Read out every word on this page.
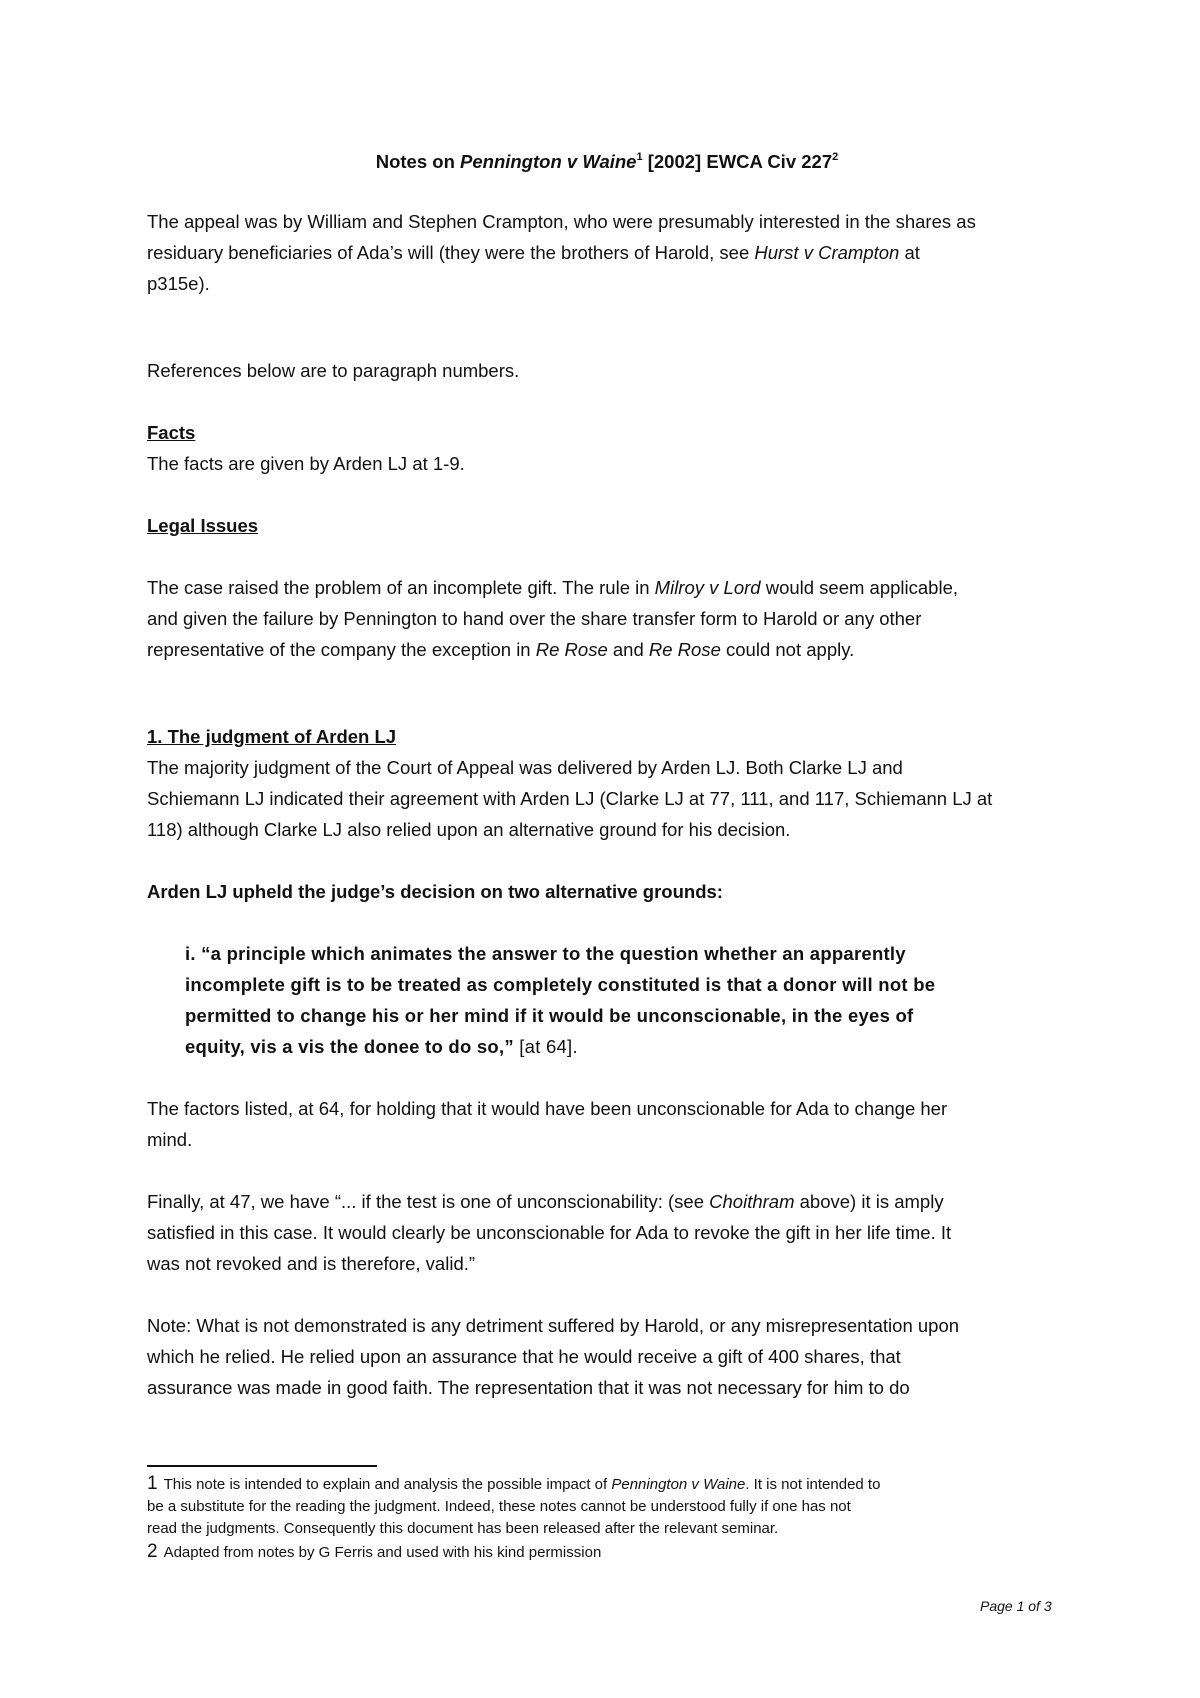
Notes on Pennington v Waine$^1$ [2002] EWCA Civ $227^2$
The appeal was by William and Stephen Crampton, who were presumably interested in the shares as
residuary beneficiaries of Ada’s will (they were the brothers of Harold, see Hurst v Crampton at
p315e).
References below are to paragraph numbers.
Facts
The facts are given by Arden LJ at 1-9.
Legal Issues
The case raised the problem of an incomplete gift. The rule in Milroy v Lord would seem applicable,
and given the failure by Pennington to hand over the share transfer form to Harold or any other
representative of the company the exception in Re Rose and Re Rose could not apply.
1. The judgment of Arden LJ
The majority judgment of the Court of Appeal was delivered by Arden LJ. Both Clarke LJ and
Schiemann LJ indicated their agreement with Arden LJ (Clarke LJ at 77, 111, and 117, Schiemann LJ at
118) although Clarke LJ also relied upon an alternative ground for his decision.
Arden LJ upheld the judge’s decision on two alternative grounds:
i. “a principle which animates the answer to the question whether an apparently
incomplete gift is to be treated as completely constituted is that a donor will not be
permitted to change his or her mind if it would be unconscionable, in the eyes of
equity, vis a vis the donee to do so,” [at 64].
The factors listed, at 64, for holding that it would have been unconscionable for Ada to change her
mind.
Finally, at 47, we have “... if the test is one of unconscionability: (see Choithram above) it is amply
satisfied in this case. It would clearly be unconscionable for Ada to revoke the gift in her life time. It
was not revoked and is therefore, valid.”
Note: What is not demonstrated is any detriment suffered by Harold, or any misrepresentation upon
which he relied. He relied upon an assurance that he would receive a gift of 400 shares, that
assurance was made in good faith. The representation that it was not necessary for him to do
1 This note is intended to explain and analysis the possible impact of Pennington v Waine. It is not intended to
be a substitute for the reading the judgment. Indeed, these notes cannot be understood fully if one has not
read the judgments. Consequently this document has been released after the relevant seminar.
2 Adapted from notes by G Ferris and used with his kind permission
Page 1 of 3
